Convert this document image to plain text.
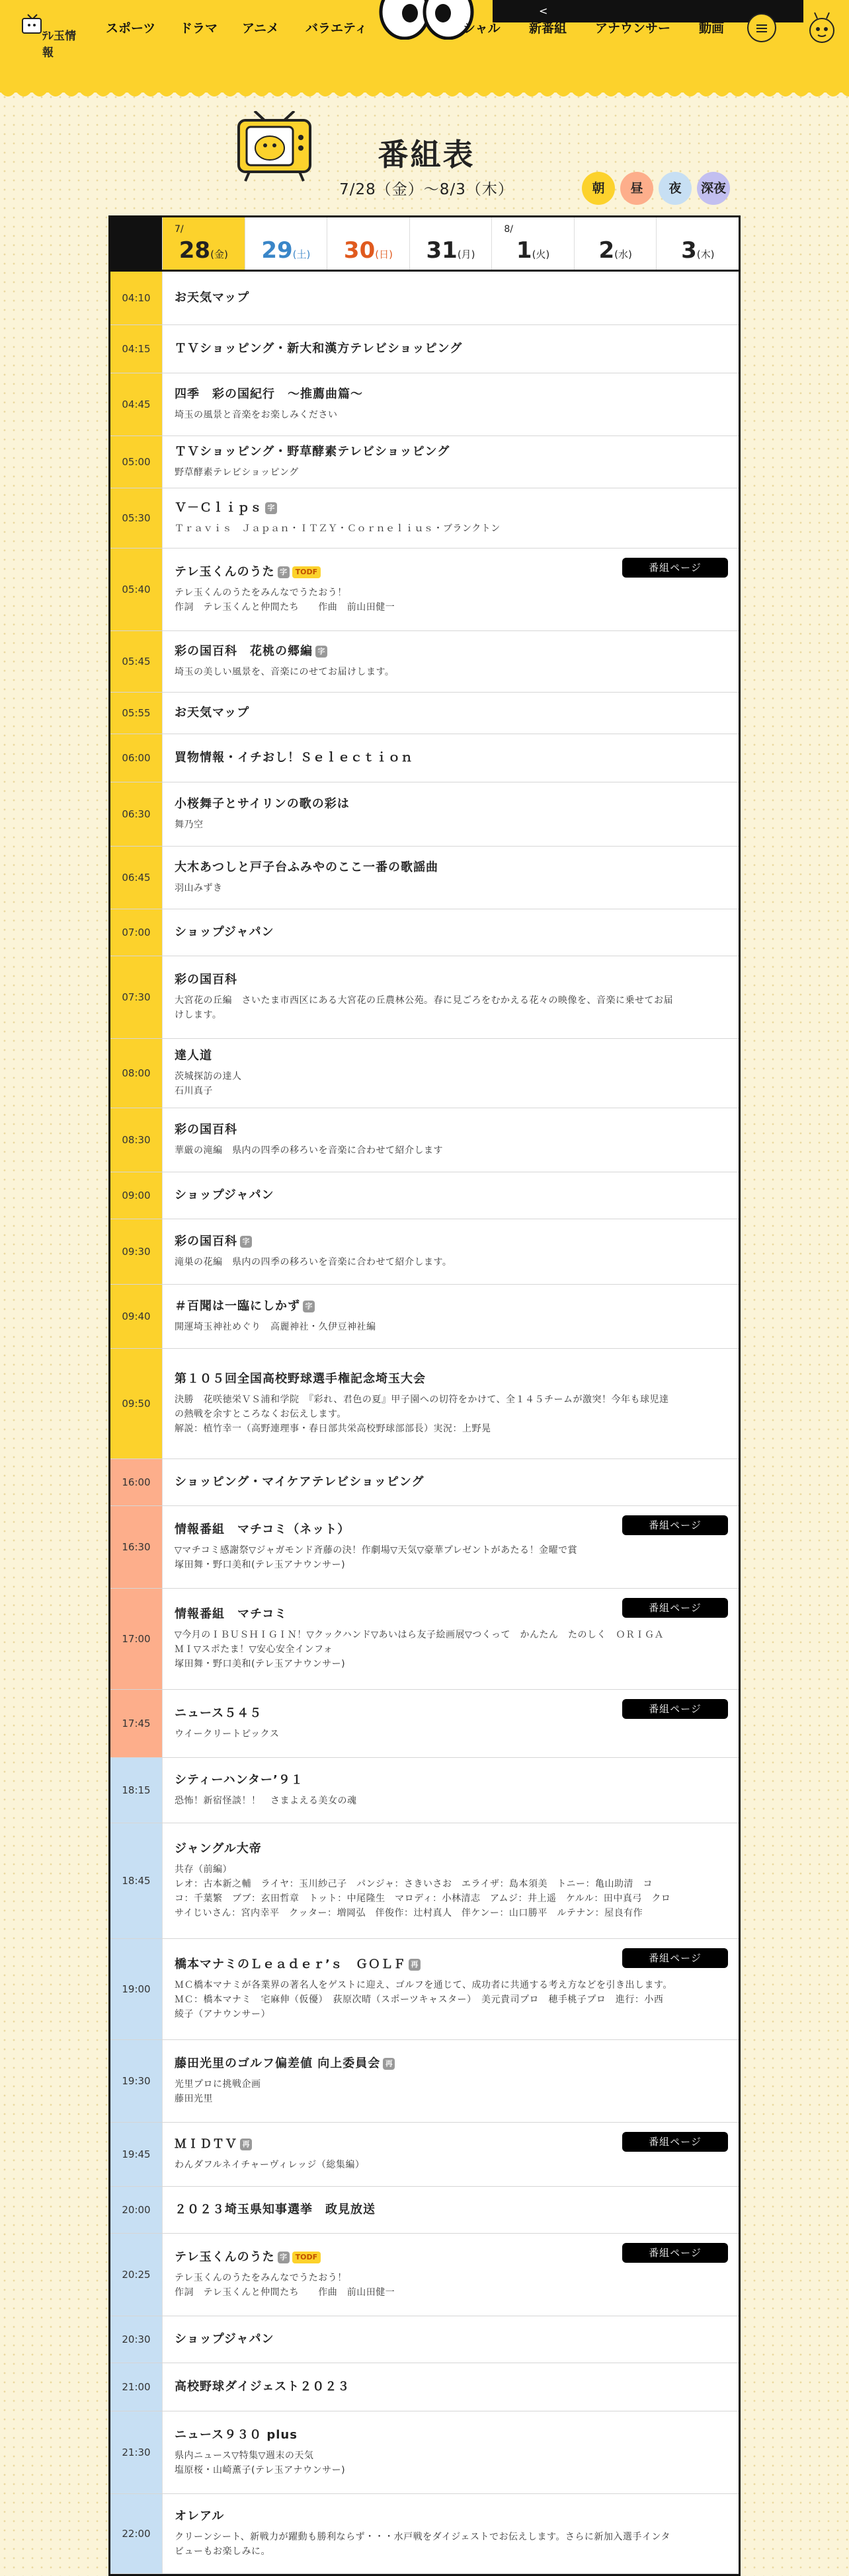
ﾃﾚ玉情報
スポーツ ドラマ アニメ バラエティ
<
シャル 新番組 アナウンサー 動画
番組表
7/28（金）～8/3（木）
7/
28(金)	29(土)	30(日)	31(月)
8/
1(火)	2(水)	3(木)
04:10	お天気マップ
04:15	ＴＶショッピング・新大和漢方テレビショッピング
04:45
四季　彩の国紀行　〜推薦曲篇〜
埼玉の風景と音楽をお楽しみください
05:00
ＴＶショッピング・野草酵素テレビショッピング
野草酵素テレビショッピング
05:30
Ｖ－Ｃｌｉｐｓ 字
Ｔｒａｖｉｓ　Ｊａｐａｎ・ＩＴＺＹ・Ｃｏｒｎｅｌｉｕｓ・ブランクトン
05:40
テレ玉くんのうた 字 TODF
テレ玉くんのうたをみんなでうたおう！
作詞　テレ玉くんと仲間たち　　作曲　前山田健一
番組ページ
05:45
彩の国百科　花桃の郷編 字
埼玉の美しい風景を、音楽にのせてお届けします。
05:55	お天気マップ
06:00	買物情報・イチおし！Ｓｅｌｅｃｔｉｏｎ
06:30
小桜舞子とサイリンの歌の彩は
舞乃空
06:45
大木あつしと戸子台ふみやのここ一番の歌謡曲
羽山みずき
07:00	ショップジャパン
07:30
彩の国百科
大宮花の丘編　さいたま市西区にある大宮花の丘農林公苑。春に見ごろをむかえる花々の映像を、音楽に乗せてお届
けします。
08:00
達人道
茨城探訪の達人
石川真子
08:30
彩の国百科
華厳の滝編　県内の四季の移ろいを音楽に合わせて紹介します
09:00	ショップジャパン
09:30
彩の国百科 字
滝巣の花編　県内の四季の移ろいを音楽に合わせて紹介します。
09:40
＃百聞は一臨にしかず 字
開運埼玉神社めぐり　高麗神社・久伊豆神社編
09:50
第１０５回全国高校野球選手権記念埼玉大会
決勝　花咲徳栄ＶＳ浦和学院　『彩れ、君色の夏』甲子園への切符をかけて、全１４５チームが激突！今年も球児達
の熱戦を余すところなくお伝えします。
解説：植竹幸一（高野連理事・春日部共栄高校野球部部長）実況：上野晃
16:00	ショッピング・マイケアテレビショッピング
16:30
情報番組　マチコミ（ネット）
▽マチコミ感謝祭▽ジャガモンド斉藤の決！作劇場▽天気▽豪華プレゼントがあたる！金曜で賞
塚田舞・野口美和(テレ玉アナウンサー)
番組ページ
17:00
情報番組　マチコミ
▽今月のＩＢＵＳＨＩＧＩＮ！▽クックハンド▽あいはら友子絵画展▽つくって　かんたん　たのしく　ＯＲＩＧＡ
ＭＩ▽スポたま！▽安心安全インフォ
塚田舞・野口美和(テレ玉アナウンサー)
番組ページ
17:45
ニュース５４５
ウイークリートピックス
番組ページ
18:15
シティーハンター’９１
恐怖！新宿怪談！！　さまよえる美女の魂
18:45
ジャングル大帝
共存（前編）
レオ：古本新之輔　ライヤ：玉川紗己子　パンジャ：さきいさお　エライザ：島本須美　トニー：亀山助清　コ
コ：千葉繁　ブブ：玄田哲章　トット：中尾隆生　マロディ：小林清志　アムジ：井上遥　ケルル：田中真弓　クロ
サイじいさん：宮内幸平　クッター：増岡弘　伴俊作：辻村真人　伴ケンー：山口勝平　ルテナン：屋良有作
19:00
橋本マナミのＬｅａｄｅｒ’ｓ　ＧＯＬＦ 再
ＭＣ橋本マナミが各業界の著名人をゲストに迎え、ゴルフを通じて、成功者に共通する考え方などを引き出します。
ＭＣ：橋本マナミ　宅麻伸（仮優）　荻原次晴（スポーツキャスター）　美元貴司プロ　穂手桃子プロ　進行：小西
綾子（アナウンサー）
番組ページ
19:30
藤田光里のゴルフ偏差値 向上委員会 再
光里プロに挑戦企画
藤田光里
19:45
ＭＩＤＴＶ 再
わんダフルネイチャーヴィレッジ（総集編）
番組ページ
20:00	２０２３埼玉県知事選挙　政見放送
20:25
テレ玉くんのうた 字 TODF
テレ玉くんのうたをみんなでうたおう！
作詞　テレ玉くんと仲間たち　　作曲　前山田健一
番組ページ
20:30	ショップジャパン
21:00	高校野球ダイジェスト２０２３
21:30
ニュース９３０ plus
県内ニュース▽特集▽週末の天気
塩原桜・山崎薫子(テレ玉アナウンサー)
22:00
オレアル
クリーンシート、新戦力が躍動も勝利ならず・・・水戸戦をダイジェストでお伝えします。さらに新加入選手インタ
ビューもお楽しみに。
朝	昼	夜	深夜
